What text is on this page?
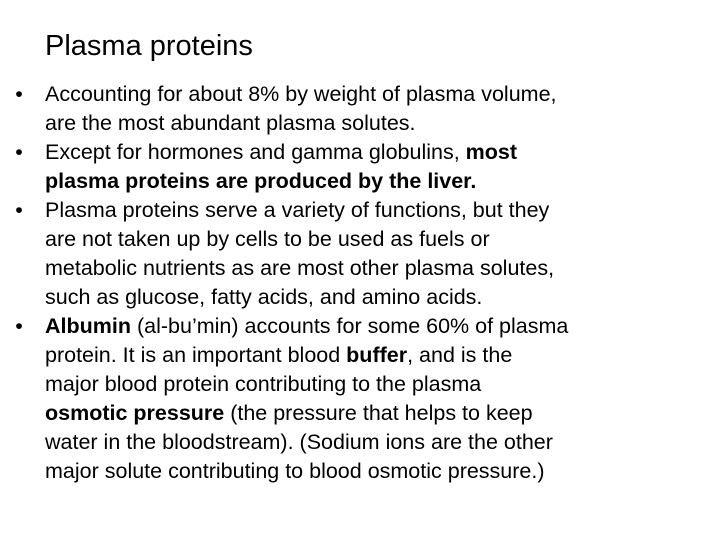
Plasma proteins
• Accounting for about 8% by weight of plasma volume,
are the most abundant plasma solutes.
• Except for hormones and gamma globulins, most
plasma proteins are produced by the liver.
• Plasma proteins serve a variety of functions, but they
are not taken up by cells to be used as fuels or
metabolic nutrients as are most other plasma solutes,
such as glucose, fatty acids, and amino acids.
• Albumin (al-bu’min) accounts for some 60% of plasma
protein. It is an important blood buffer, and is the
major blood protein contributing to the plasma
osmotic pressure (the pressure that helps to keep
water in the bloodstream). (Sodium ions are the other
major solute contributing to blood osmotic pressure.)
